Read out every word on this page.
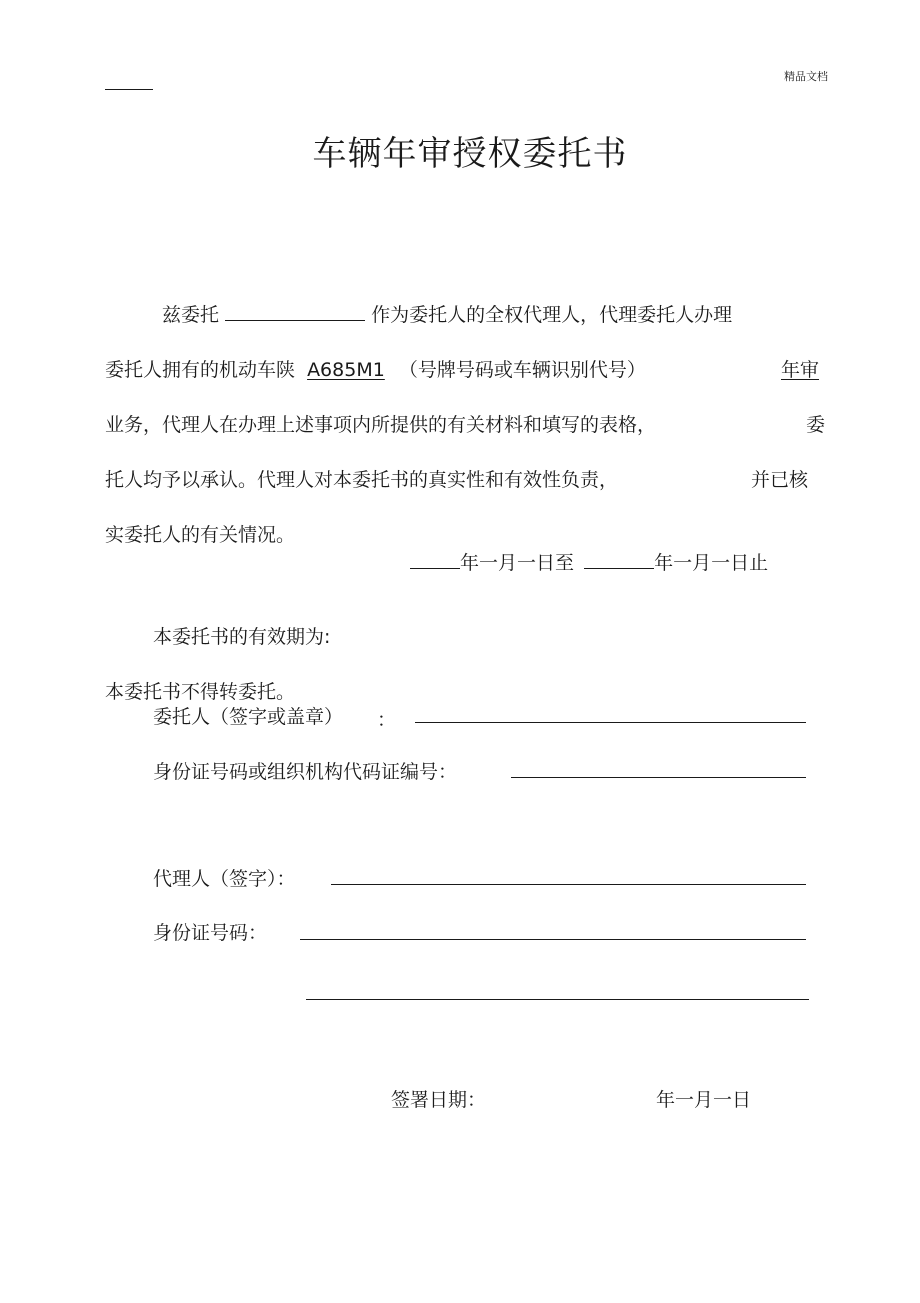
精品文档
车辆年审授权委托书
兹委托	作为委托人的全权代理人，代理委托人办理
委托人拥有的机动车陕 A685M1 （号牌号码或车辆识别代号）	年审
业务，代理人在办理上述事项内所提供的有关材料和填写的表格，	委
托人均予以承认。代理人对本委托书的真实性和有效性负责，	并已核
实委托人的有关情况。
年一月一日至	年一月一日止
本委托书的有效期为:
本委托书不得转委托。
委托人（签字或盖章） ：
身份证号码或组织机构代码证编号：
代理人（签字）：
身份证号码：
签署日期：	年一月一日
